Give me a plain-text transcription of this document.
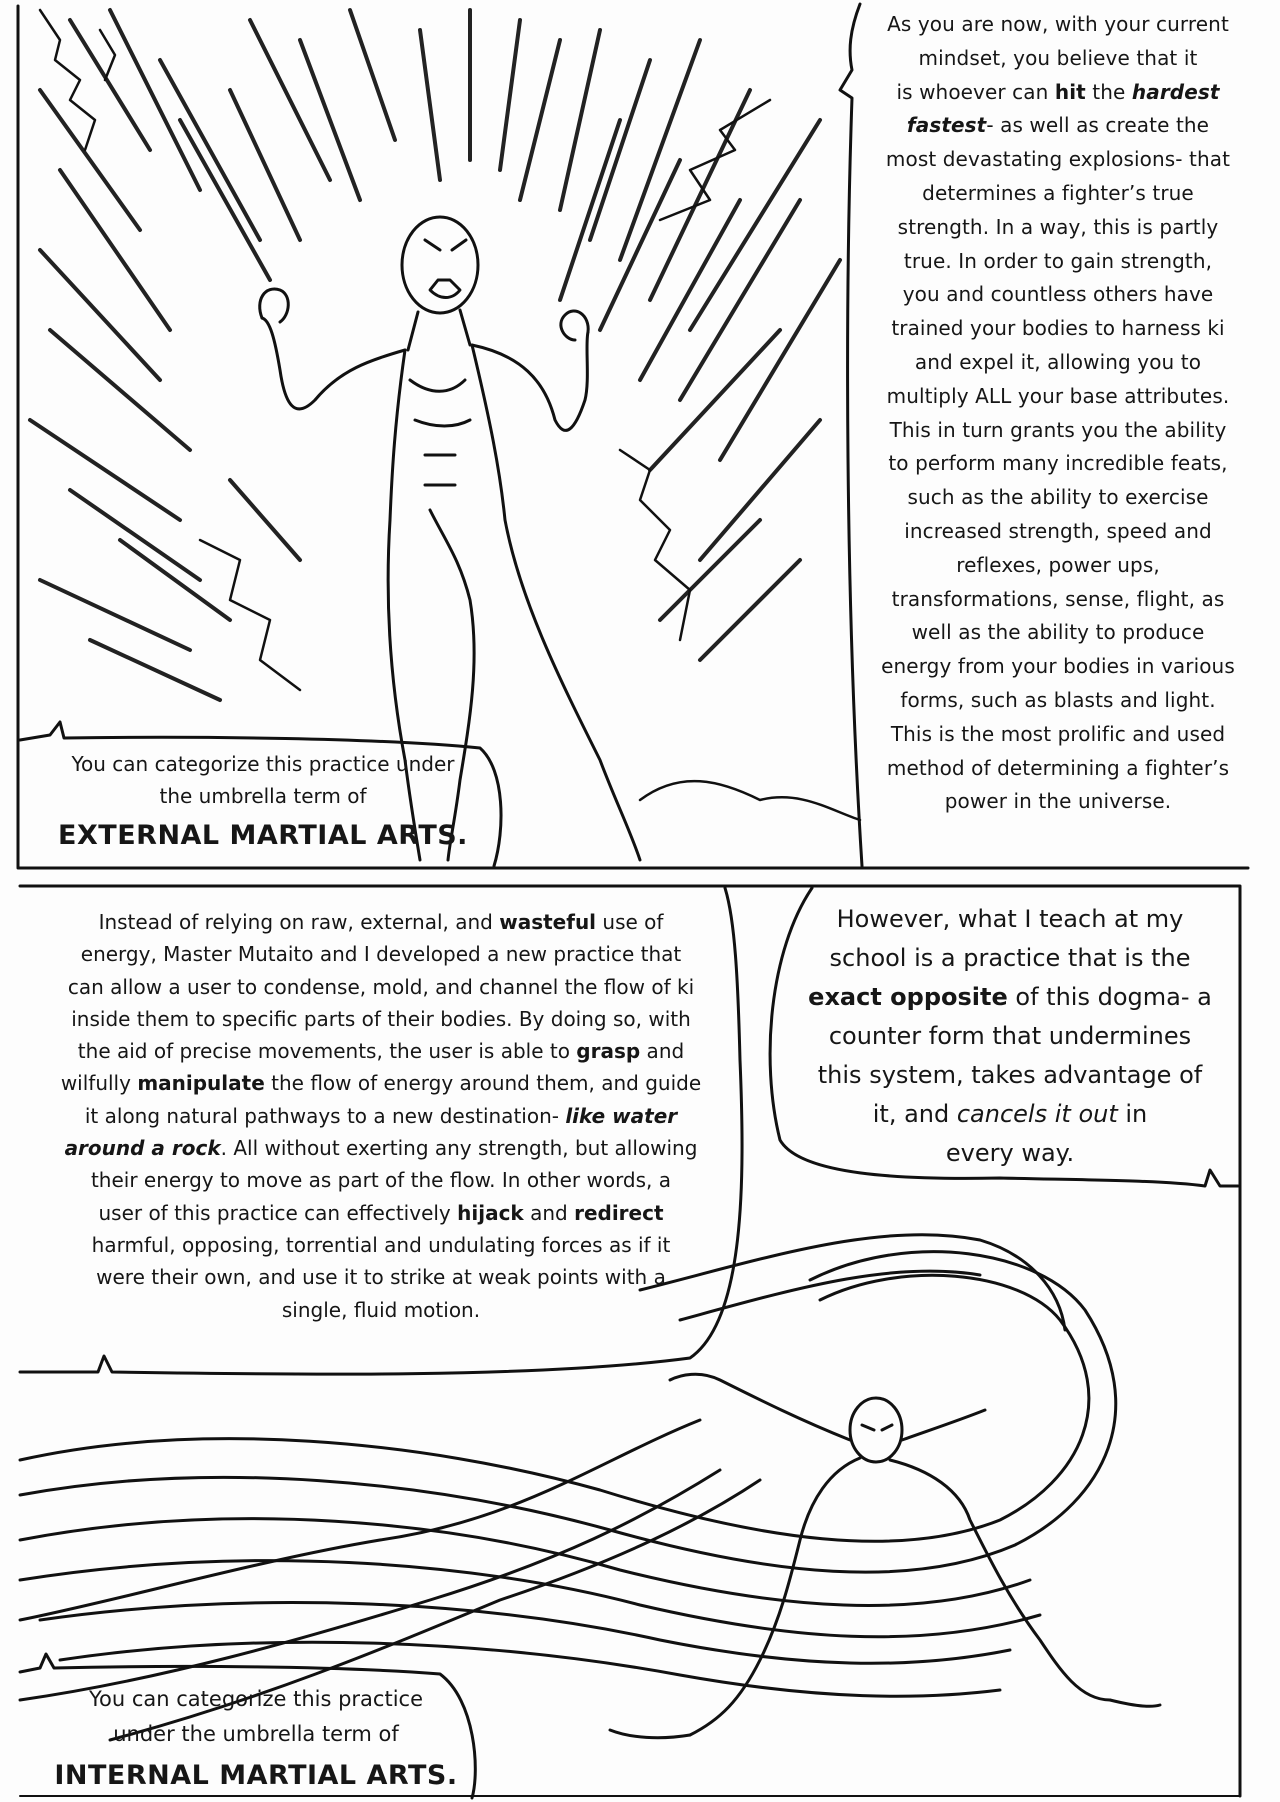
As you are now, with your current

mindset, you believe that it

is whoever can hit the hardest

fastest- as well as create the

most devastating explosions- that

determines a fighter’s true

strength. In a way, this is partly

true. In order to gain strength,

you and countless others have

trained your bodies to harness ki

and expel it, allowing you to

multiply ALL your base attributes.

This in turn grants you the ability

to perform many incredible feats,

such as the ability to exercise

increased strength, speed and

reflexes, power ups,

transformations, sense, flight, as

well as the ability to produce

energy from your bodies in various

forms, such as blasts and light.

This is the most prolific and used

method of determining a fighter’s

power in the universe.

You can categorize this practice under

the umbrella term of

EXTERNAL MARTIAL ARTS.

Instead of relying on raw, external, and wasteful use of

energy, Master Mutaito and I developed a new practice that

can allow a user to condense, mold, and channel the flow of ki

inside them to specific parts of their bodies. By doing so, with

the aid of precise movements, the user is able to grasp and

wilfully manipulate the flow of energy around them, and guide

it along natural pathways to a new destination- like water

around a rock. All without exerting any strength, but allowing

their energy to move as part of the flow. In other words, a

user of this practice can effectively hijack and redirect

harmful, opposing, torrential and undulating forces as if it

were their own, and use it to strike at weak points with a

single, fluid motion.

However, what I teach at my

school is a practice that is the

exact opposite of this dogma- a

counter form that undermines

this system, takes advantage of

it, and cancels it out in

every way.

You can categorize this practice

under the umbrella term of

INTERNAL MARTIAL ARTS.
